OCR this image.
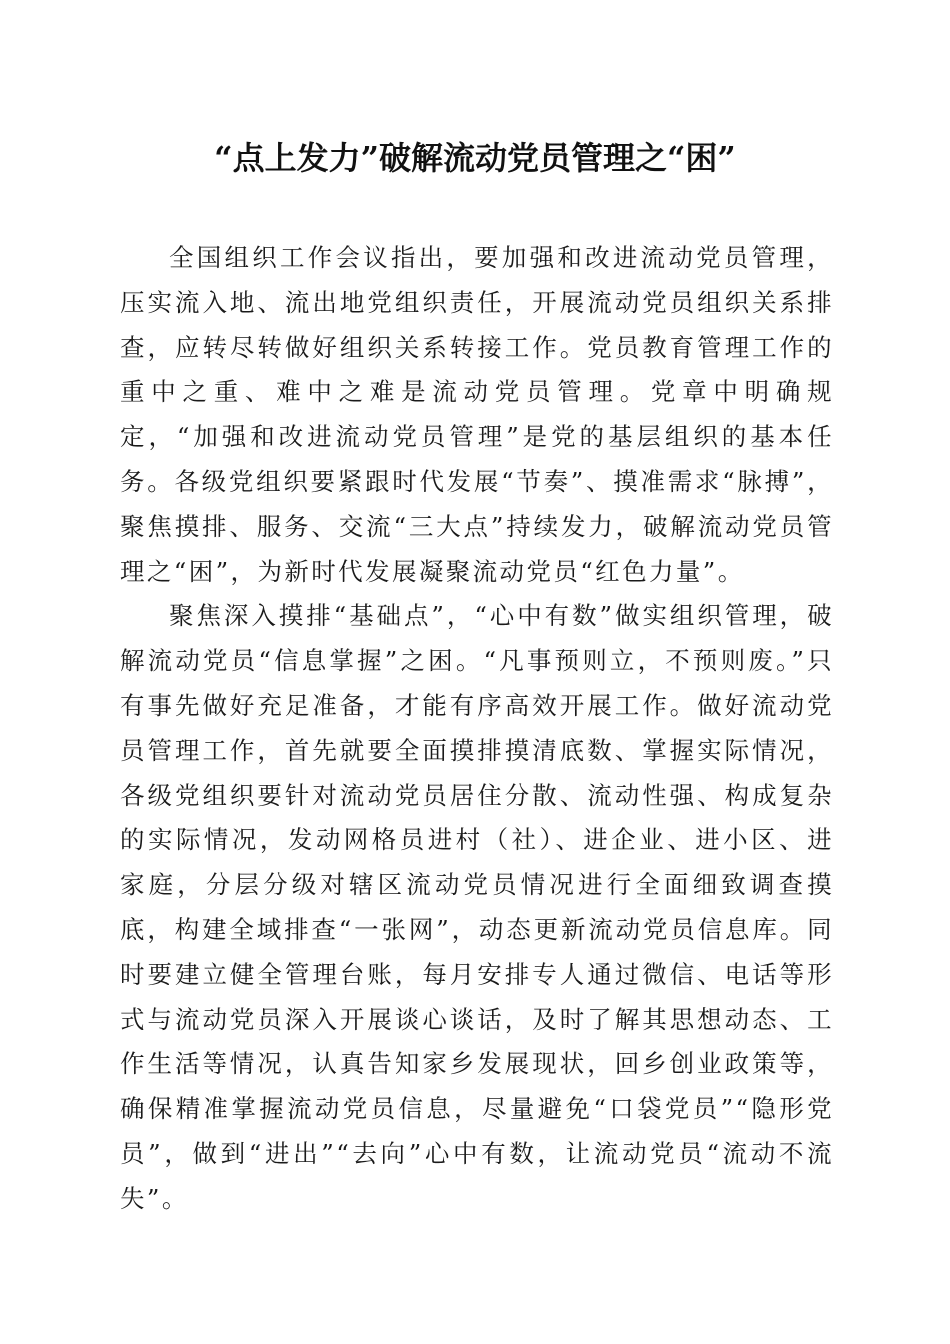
“点上发力”破解流动党员管理之“困”

全国组织工作会议指出，要加强和改进流动党员管理，压实流入地、流出地党组织责任，开展流动党员组织关系排查，应转尽转做好组织关系转接工作。党员教育管理工作的重中之重、难中之难是流动党员管理。党章中明确规定，“加强和改进流动党员管理”是党的基层组织的基本任务。各级党组织要紧跟时代发展“节奏”、摸准需求“脉搏”，聚焦摸排、服务、交流“三大点”持续发力，破解流动党员管理之“困”，为新时代发展凝聚流动党员“红色力量”。

聚焦深入摸排“基础点”，“心中有数”做实组织管理，破解流动党员“信息掌握”之困。“凡事预则立，不预则废。”只有事先做好充足准备，才能有序高效开展工作。做好流动党员管理工作，首先就要全面摸排摸清底数、掌握实际情况，各级党组织要针对流动党员居住分散、流动性强、构成复杂的实际情况，发动网格员进村（社）、进企业、进小区、进家庭，分层分级对辖区流动党员情况进行全面细致调查摸底，构建全域排查“一张网”，动态更新流动党员信息库。同时要建立健全管理台账，每月安排专人通过微信、电话等形式与流动党员深入开展谈心谈话，及时了解其思想动态、工作生活等情况，认真告知家乡发展现状，回乡创业政策等，确保精准掌握流动党员信息，尽量避免“口袋党员”“隐形党员”，做到“进出”“去向”心中有数，让流动党员“流动不流失”。
